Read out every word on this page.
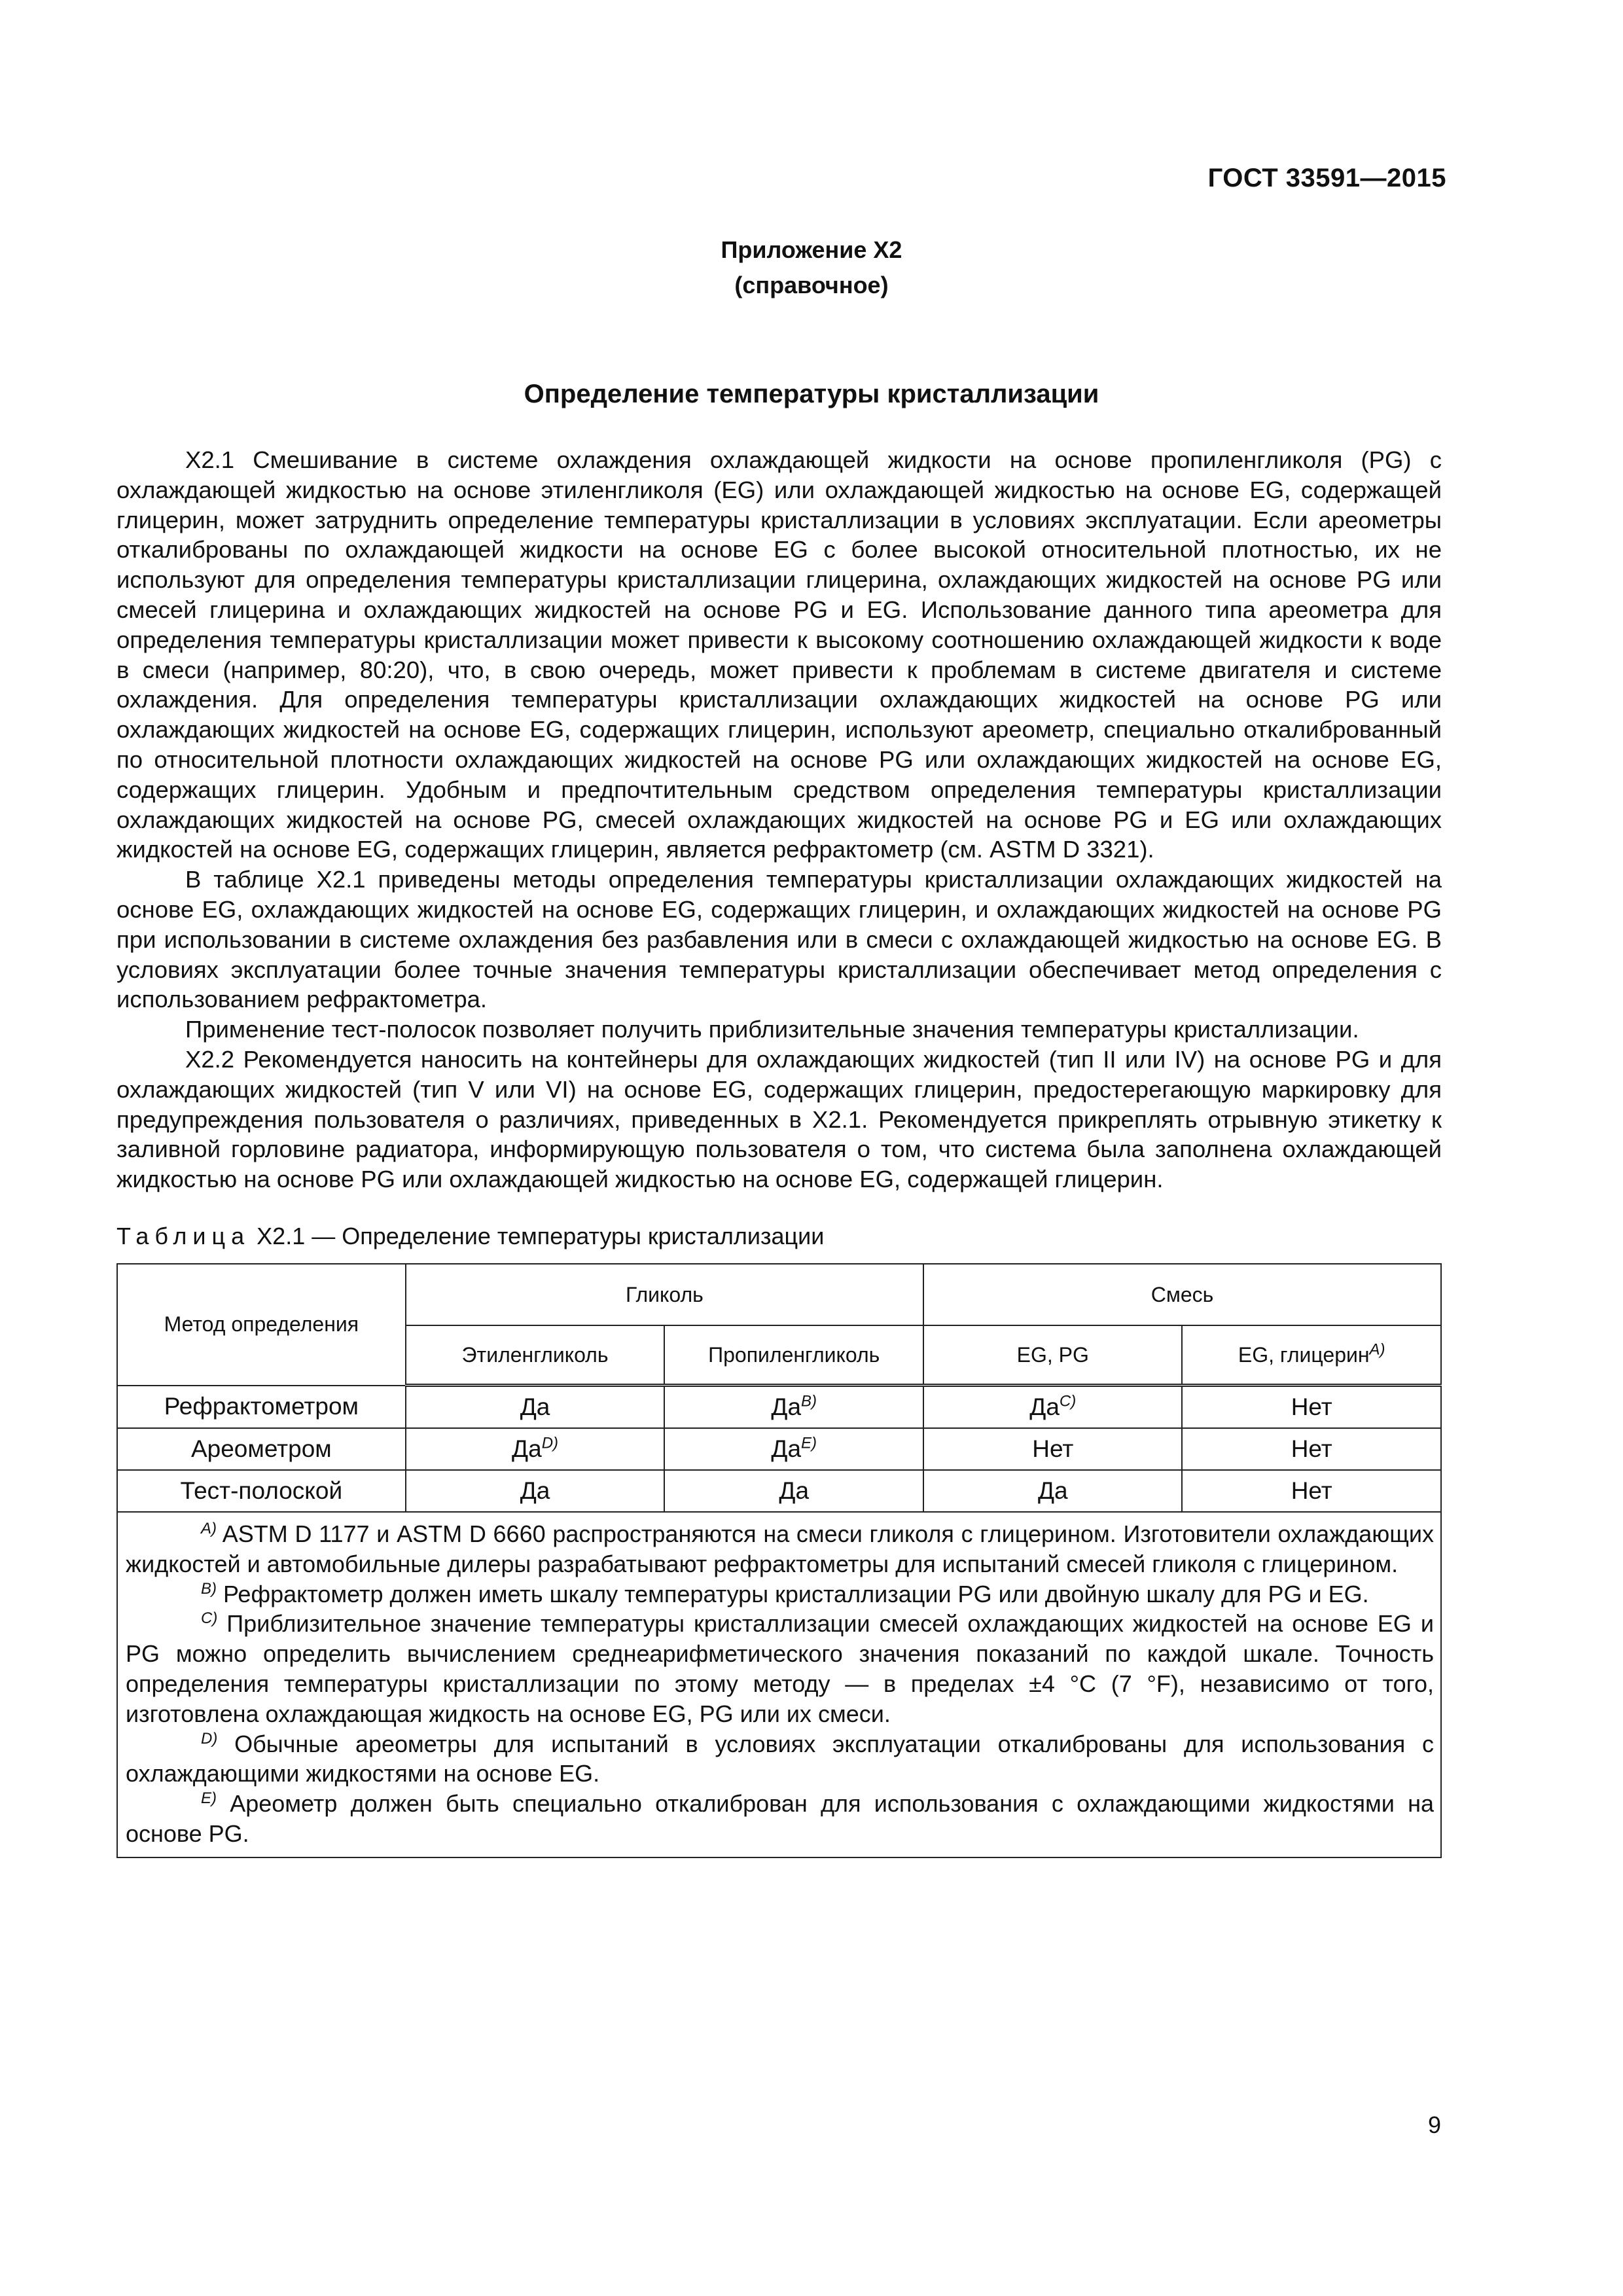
ГОСТ 33591—2015
Приложение Х2
(справочное)
Определение температуры кристаллизации

Х2.1 Смешивание в системе охлаждения охлаждающей жидкости на основе пропиленгликоля (PG) с охлаждающей жидкостью на основе этиленгликоля (EG) или охлаждающей жидкостью на основе EG, содержащей глицерин, может затруднить определение температуры кристаллизации в условиях эксплуатации. Если ареометры откалиброваны по охлаждающей жидкости на основе EG с более высокой относительной плотностью, их не используют для определения температуры кристаллизации глицерина, охлаждающих жидкостей на основе PG или смесей глицерина и охлаждающих жидкостей на основе PG и EG. Использование данного типа ареометра для определения температуры кристаллизации может привести к высокому соотношению охлаждающей жидкости к воде в смеси (например, 80:20), что, в свою очередь, может привести к проблемам в системе двигателя и системе охлаждения. Для определения температуры кристаллизации охлаждающих жидкостей на основе PG или охлаждающих жидкостей на основе EG, содержащих глицерин, используют ареометр, специально откалиброванный по относительной плотности охлаждающих жидкостей на основе PG или охлаждающих жидкостей на основе EG, содержащих глицерин. Удобным и предпочтительным средством определения температуры кристаллизации охлаждающих жидкостей на основе PG, смесей охлаждающих жидкостей на основе PG и EG или охлаждающих жидкостей на основе EG, содержащих глицерин, является рефрактометр (см. ASTM D 3321).

В таблице Х2.1 приведены методы определения температуры кристаллизации охлаждающих жидкостей на основе EG, охлаждающих жидкостей на основе EG, содержащих глицерин, и охлаждающих жидкостей на основе PG при использовании в системе охлаждения без разбавления или в смеси с охлаждающей жидкостью на основе EG. В условиях эксплуатации более точные значения температуры кристаллизации обеспечивает метод определения с использованием рефрактометра.

Применение тест-полосок позволяет получить приблизительные значения температуры кристаллизации.

Х2.2 Рекомендуется наносить на контейнеры для охлаждающих жидкостей (тип II или IV) на основе PG и для охлаждающих жидкостей (тип V или VI) на основе EG, содержащих глицерин, предостерегающую маркировку для предупреждения пользователя о различиях, приведенных в Х2.1. Рекомендуется прикреплять отрывную этикетку к заливной горловине радиатора, информирующую пользователя о том, что система была заполнена охлаждающей жидкостью на основе PG или охлаждающей жидкостью на основе EG, содержащей глицерин.

Таблица Х2.1 — Определение температуры кристаллизации
Метод определения	Гликоль		Смесь	
	Этиленгликоль	Пропиленгликоль	EG, PG	EG, глицерин$^{A)}$
Рефрактометром	Да	Да$^{B)}$	Да$^{C)}$	Нет
Ареометром	Да$^{D)}$	Да$^{E)}$	Нет	Нет
Тест-полоской	Да	Да	Да	Нет

$^{A)}$ ASTM D 1177 и ASTM D 6660 распространяются на смеси гликоля с глицерином. Изготовители охлаждающих жидкостей и автомобильные дилеры разрабатывают рефрактометры для испытаний смесей гликоля с глицерином.

$^{B)}$ Рефрактометр должен иметь шкалу температуры кристаллизации PG или двойную шкалу для PG и EG.

$^{C)}$ Приблизительное значение температуры кристаллизации смесей охлаждающих жидкостей на основе EG и PG можно определить вычислением среднеарифметического значения показаний по каждой шкале. Точность определения температуры кристаллизации по этому методу — в пределах ±4 °C (7 °F), независимо от того, изготовлена охлаждающая жидкость на основе EG, PG или их смеси.

$^{D)}$ Обычные ареометры для испытаний в условиях эксплуатации откалиброваны для использования с охлаждающими жидкостями на основе EG.

$^{E)}$ Ареометр должен быть специально откалиброван для использования с охлаждающими жидкостями на основе PG.				

9
